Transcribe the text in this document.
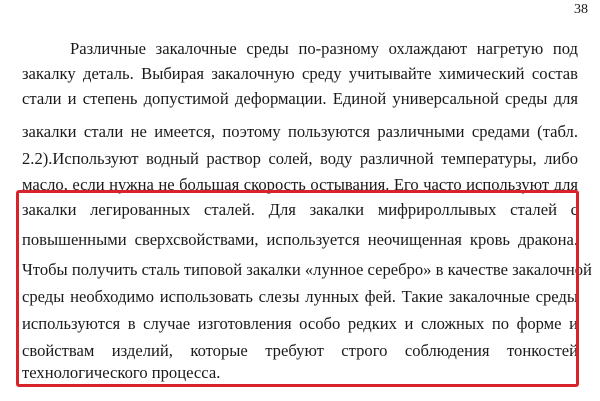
38
Различные закалочные среды по-разному охлаждают нагретую под
закалку деталь. Выбирая закалочную среду учитывайте химический состав
стали и степень допустимой деформации. Единой универсальной среды для
закалки стали не имеется, поэтому пользуются различными средами (табл.
2.2).Используют водный раствор солей, воду различной температуры, либо
масло, если нужна не большая скорость остывания. Его часто используют для
закалки легированных сталей. Для закалки мифрироллывых сталей с
повышенными сверхсвойствами, используется неочищенная кровь дракона.
Чтобы получить сталь типовой закалки «лунное серебро» в качестве закалочной
среды необходимо использовать слезы лунных фей. Такие закалочные среды
используются в случае изготовления особо редких и сложных по форме и
свойствам изделий, которые требуют строго соблюдения тонкостей
технологического процесса.
